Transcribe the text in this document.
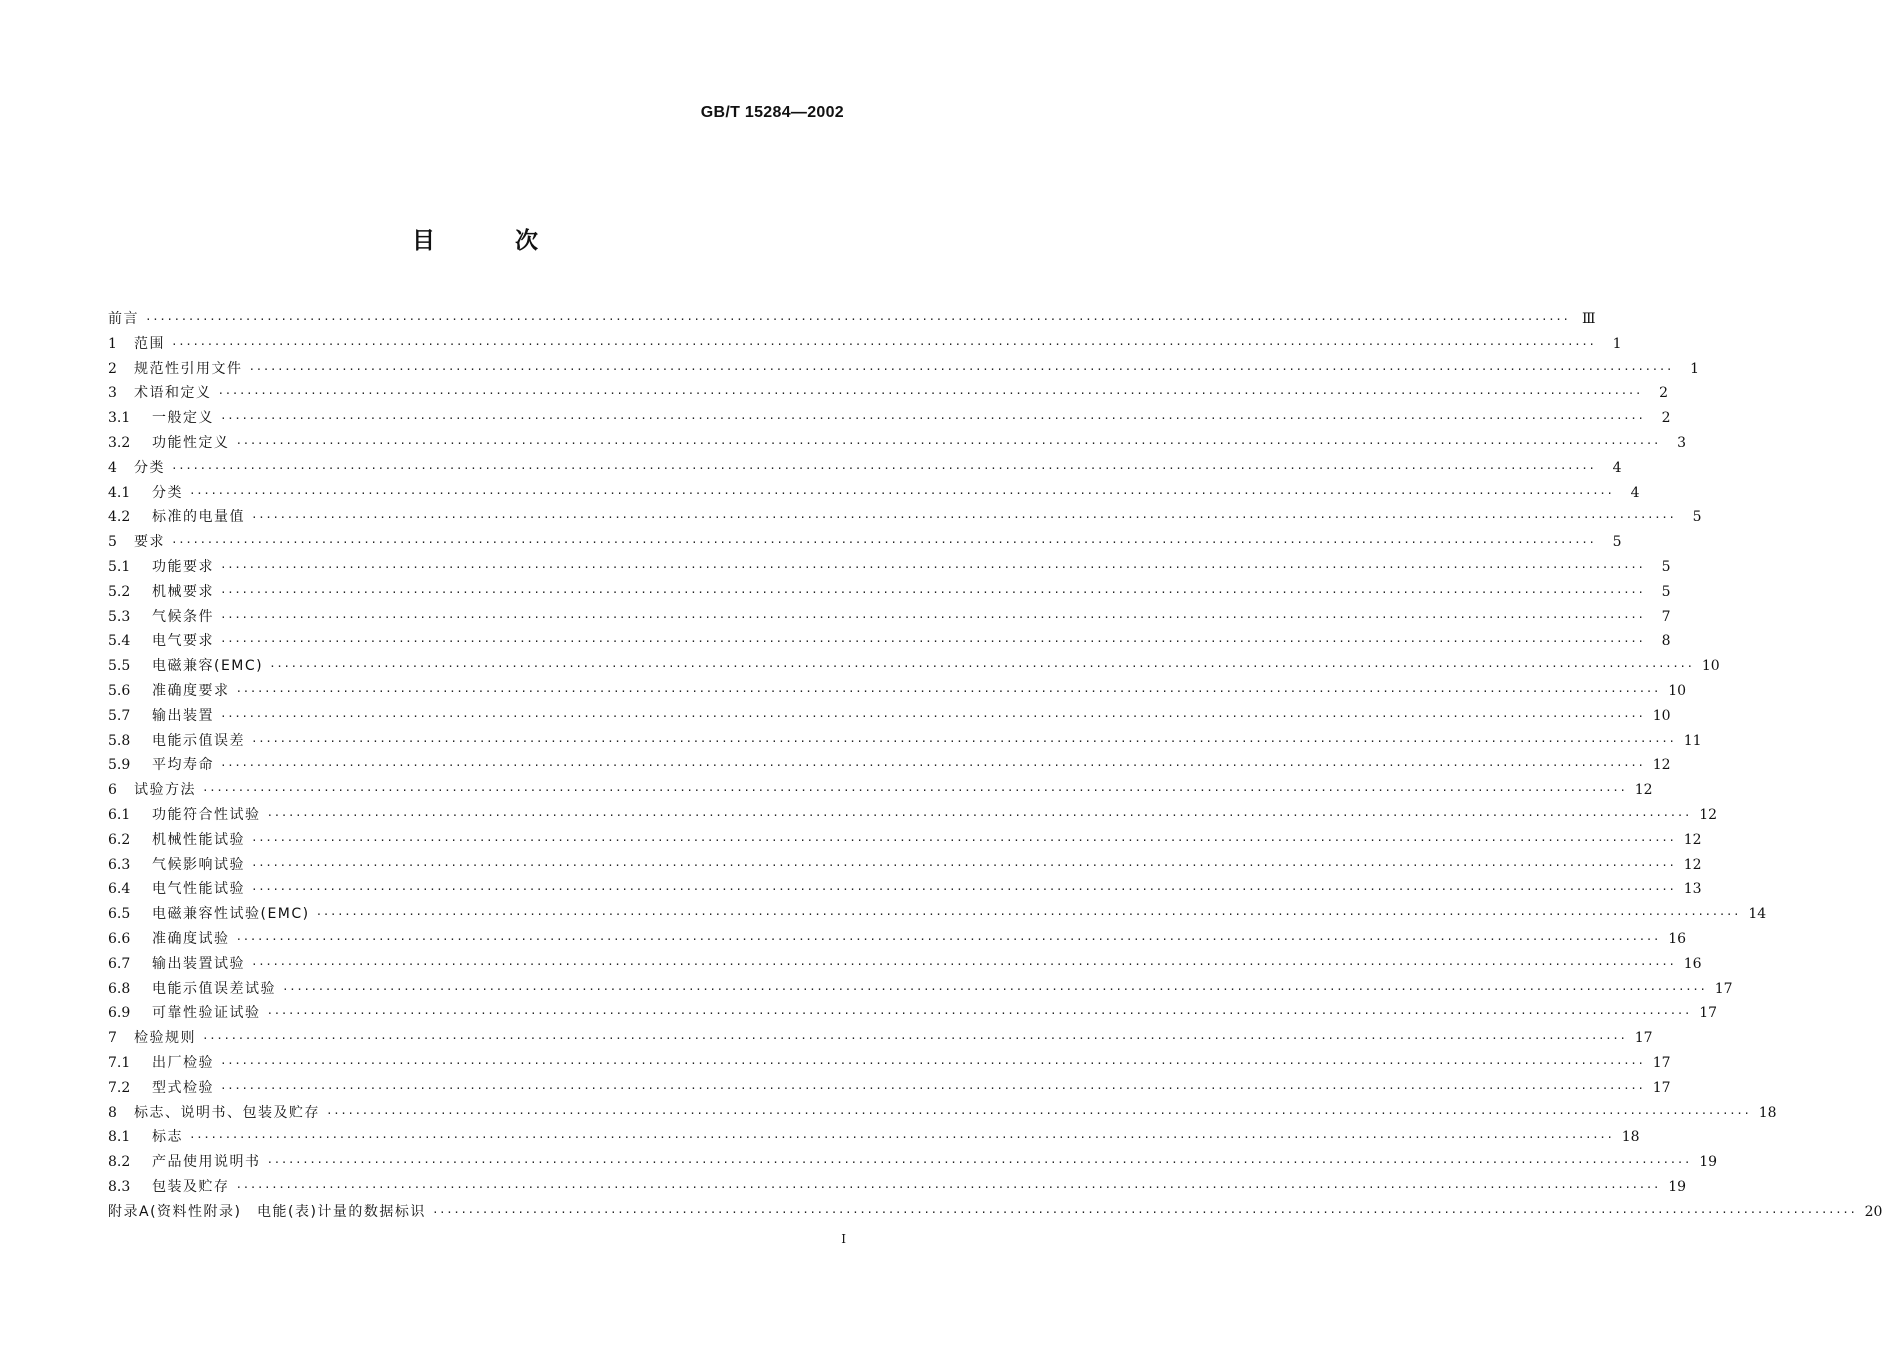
GB/T 15284—2002
目次
前言 ········································································································································································································ Ⅲ
1	范围 ········································································································································································································	1
2	规范性引用文件 ········································································································································································································	1
3	术语和定义 ········································································································································································································	2
3.1	一般定义 ········································································································································································································	2
3.2	功能性定义 ········································································································································································································	3
4	分类 ········································································································································································································	4
4.1	分类 ········································································································································································································	4
4.2	标准的电量值 ········································································································································································································	5
5	要求 ········································································································································································································	5
5.1	功能要求 ········································································································································································································	5
5.2	机械要求 ········································································································································································································	5
5.3	气候条件 ········································································································································································································	7
5.4	电气要求 ········································································································································································································	8
5.5	电磁兼容(EMC) ········································································································································································································ 10
5.6	准确度要求 ········································································································································································································ 10
5.7	输出装置 ········································································································································································································ 10
5.8	电能示值误差 ········································································································································································································ 11
5.9	平均寿命 ········································································································································································································ 12
6	试验方法 ········································································································································································································ 12
6.1	功能符合性试验 ········································································································································································································ 12
6.2	机械性能试验 ········································································································································································································ 12
6.3	气候影响试验 ········································································································································································································ 12
6.4	电气性能试验 ········································································································································································································ 13
6.5	电磁兼容性试验(EMC) ········································································································································································································ 14
6.6	准确度试验 ········································································································································································································ 16
6.7	输出装置试验 ········································································································································································································ 16
6.8	电能示值误差试验 ········································································································································································································ 17
6.9	可靠性验证试验 ········································································································································································································ 17
7	检验规则 ········································································································································································································ 17
7.1	出厂检验 ········································································································································································································ 17
7.2	型式检验 ········································································································································································································ 17
8	标志、说明书、包装及贮存 ········································································································································································································ 18
8.1	标志 ········································································································································································································ 18
8.2	产品使用说明书 ········································································································································································································ 19
8.3	包装及贮存 ········································································································································································································ 19
附录A(资料性附录)　电能(表)计量的数据标识 ········································································································································································································ 20
I
